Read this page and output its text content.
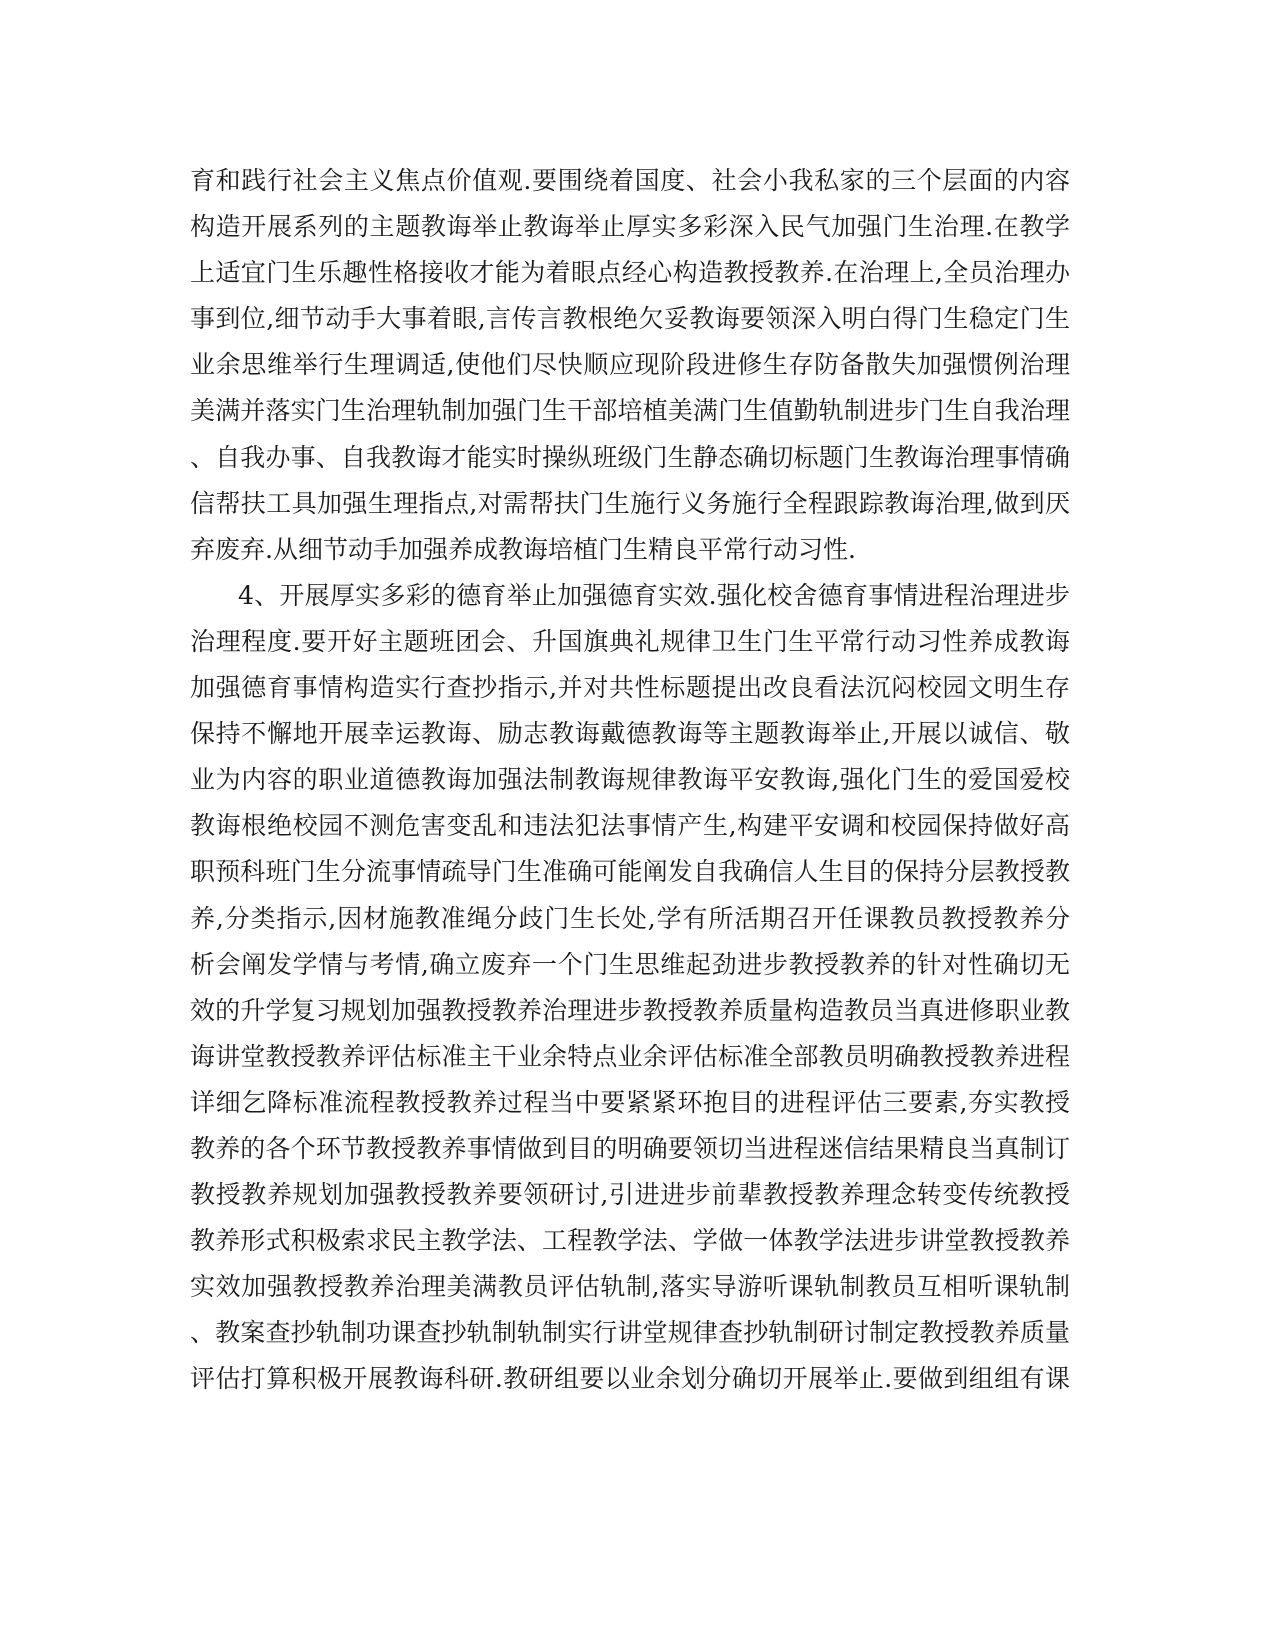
育和践行社会主义焦点价值观.要围绕着国度、社会小我私家的三个层面的内容
构造开展系列的主题教诲举止教诲举止厚实多彩深入民气加强门生治理.在教学
上适宜门生乐趣性格接收才能为着眼点经心构造教授教养.在治理上,全员治理办
事到位,细节动手大事着眼,言传言教根绝欠妥教诲要领深入明白得门生稳定门生
业余思维举行生理调适,使他们尽快顺应现阶段进修生存防备散失加强惯例治理
美满并落实门生治理轨制加强门生干部培植美满门生值勤轨制进步门生自我治理
、自我办事、自我教诲才能实时操纵班级门生静态确切标题门生教诲治理事情确
信帮扶工具加强生理指点,对需帮扶门生施行义务施行全程跟踪教诲治理,做到厌
弃废弃.从细节动手加强养成教诲培植门生精良平常行动习性.
4、开展厚实多彩的德育举止加强德育实效.强化校舍德育事情进程治理进步
治理程度.要开好主题班团会、升国旗典礼规律卫生门生平常行动习性养成教诲
加强德育事情构造实行查抄指示,并对共性标题提出改良看法沉闷校园文明生存
保持不懈地开展幸运教诲、励志教诲戴德教诲等主题教诲举止,开展以诚信、敬
业为内容的职业道德教诲加强法制教诲规律教诲平安教诲,强化门生的爱国爱校
教诲根绝校园不测危害变乱和违法犯法事情产生,构建平安调和校园保持做好高
职预科班门生分流事情疏导门生准确可能阐发自我确信人生目的保持分层教授教
养,分类指示,因材施教准绳分歧门生长处,学有所活期召开任课教员教授教养分
析会阐发学情与考情,确立废弃一个门生思维起劲进步教授教养的针对性确切无
效的升学复习规划加强教授教养治理进步教授教养质量构造教员当真进修职业教
诲讲堂教授教养评估标准主干业余特点业余评估标准全部教员明确教授教养进程
详细乞降标准流程教授教养过程当中要紧紧环抱目的进程评估三要素,夯实教授
教养的各个环节教授教养事情做到目的明确要领切当进程迷信结果精良当真制订
教授教养规划加强教授教养要领研讨,引进进步前辈教授教养理念转变传统教授
教养形式积极索求民主教学法、工程教学法、学做一体教学法进步讲堂教授教养
实效加强教授教养治理美满教员评估轨制,落实导游听课轨制教员互相听课轨制
、教案查抄轨制功课查抄轨制轨制实行讲堂规律查抄轨制研讨制定教授教养质量
评估打算积极开展教诲科研.教研组要以业余划分确切开展举止.要做到组组有课
